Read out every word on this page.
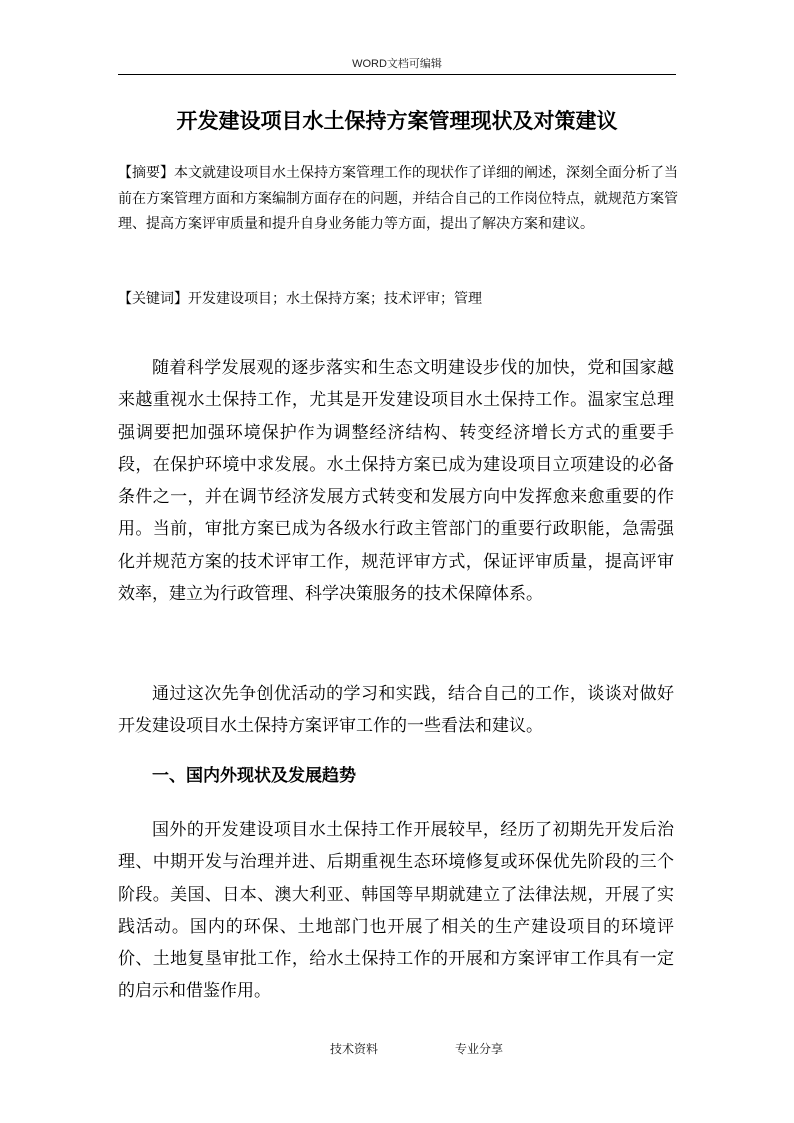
WORD文档可编辑
开发建设项目水土保持方案管理现状及对策建议

【摘要】本文就建设项目水土保持方案管理工作的现状作了详细的阐述，深刻全面分析了当前在方案管理方面和方案编制方面存在的问题，并结合自己的工作岗位特点，就规范方案管理、提高方案评审质量和提升自身业务能力等方面，提出了解决方案和建议。

【关键词】开发建设项目；水土保持方案；技术评审；管理

随着科学发展观的逐步落实和生态文明建设步伐的加快，党和国家越来越重视水土保持工作，尤其是开发建设项目水土保持工作。温家宝总理强调要把加强环境保护作为调整经济结构、转变经济增长方式的重要手段，在保护环境中求发展。水土保持方案已成为建设项目立项建设的必备条件之一，并在调节经济发展方式转变和发展方向中发挥愈来愈重要的作用。当前，审批方案已成为各级水行政主管部门的重要行政职能，急需强化并规范方案的技术评审工作，规范评审方式，保证评审质量，提高评审效率，建立为行政管理、科学决策服务的技术保障体系。

通过这次先争创优活动的学习和实践，结合自己的工作，谈谈对做好开发建设项目水土保持方案评审工作的一些看法和建议。

一、国内外现状及发展趋势

国外的开发建设项目水土保持工作开展较早，经历了初期先开发后治理、中期开发与治理并进、后期重视生态环境修复或环保优先阶段的三个阶段。美国、日本、澳大利亚、韩国等早期就建立了法律法规，开展了实践活动。国内的环保、土地部门也开展了相关的生产建设项目的环境评价、土地复垦审批工作，给水土保持工作的开展和方案评审工作具有一定的启示和借鉴作用。

技术资料	专业分享
